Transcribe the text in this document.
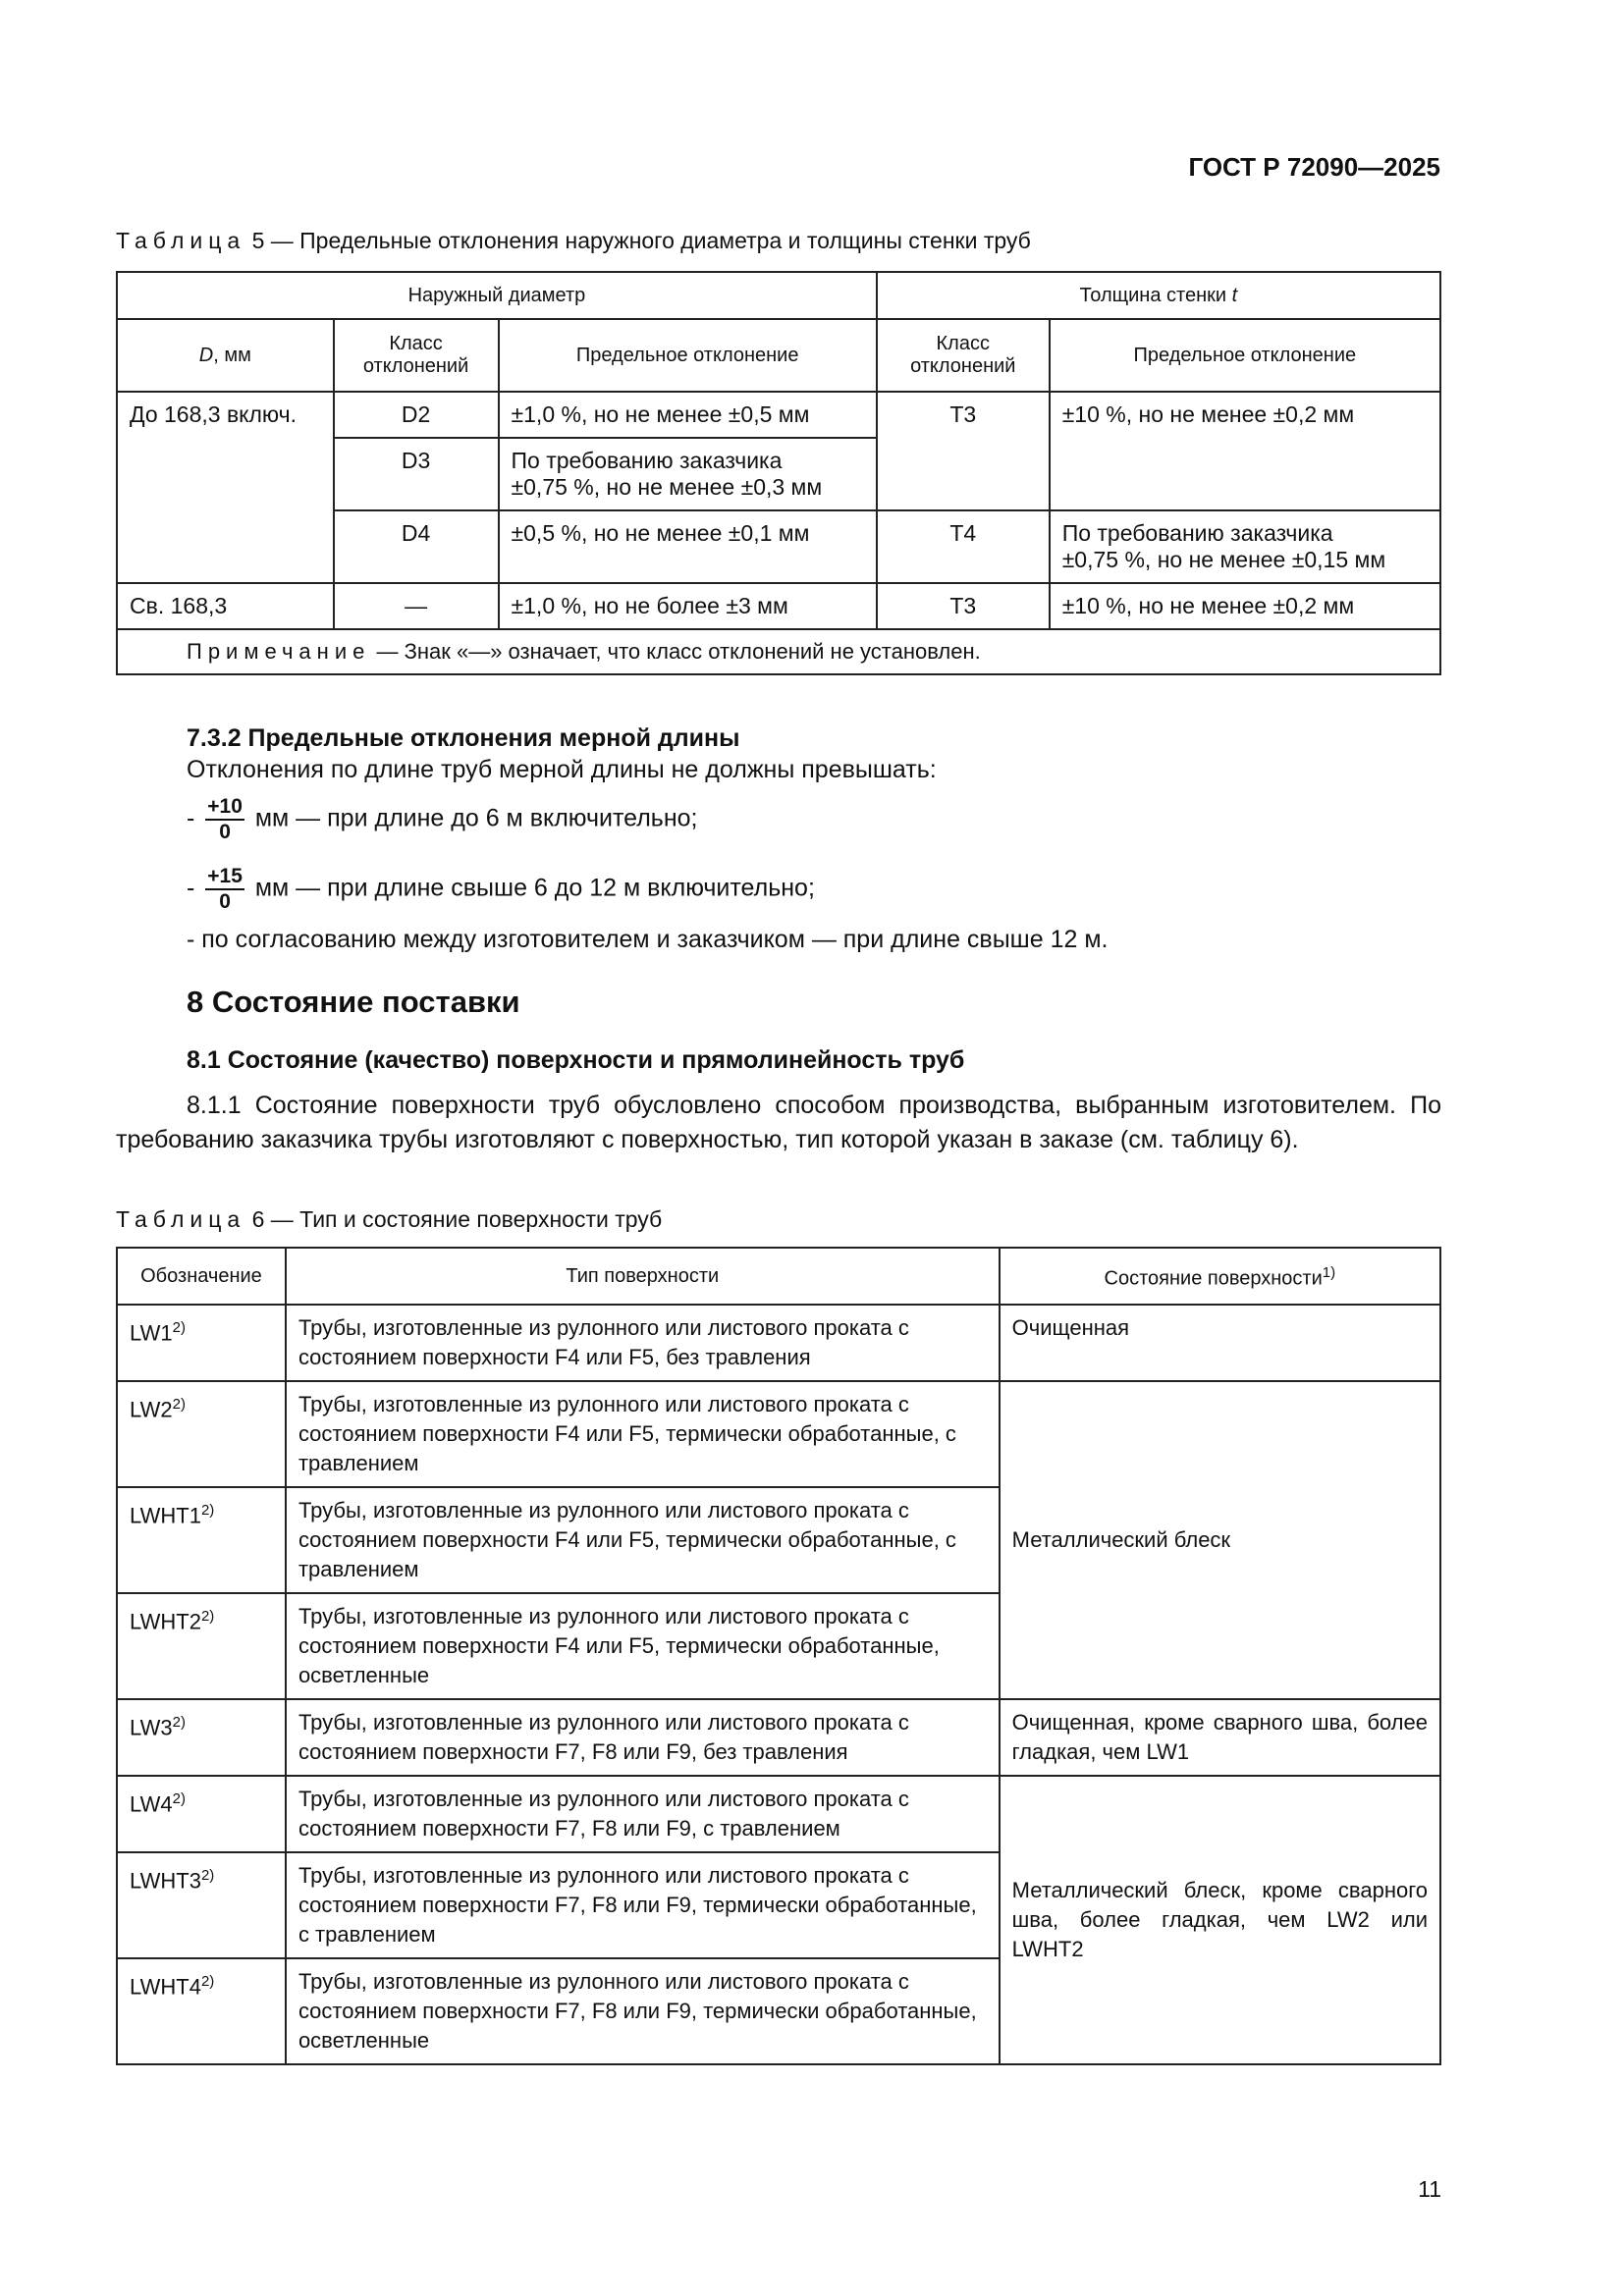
ГОСТ Р 72090—2025
Таблица 5 — Предельные отклонения наружного диаметра и толщины стенки труб
Наружный диаметр			Толщина стенки t	
D, мм	Класс отклонений	Предельное отклонение	Класс отклонений	Предельное отклонение
До 168,3 включ.	D2	±1,0 %, но не менее ±0,5 мм	Т3	±10 %, но не менее ±0,2 мм
	D3	По требованию заказчика
±0,75 %, но не менее ±0,3 мм		
	D4	±0,5 %, но не менее ±0,1 мм	Т4	По требованию заказчика
±0,75 %, но не менее ±0,15 мм
Св. 168,3	—	±1,0 %, но не более ±3 мм	Т3	±10 %, но не менее ±0,2 мм
Примечание — Знак «—» означает, что класс отклонений не установлен.				
7.3.2 Предельные отклонения мерной длины

Отклонения по длине труб мерной длины не должны превышать:

- $\frac{+10}{0}$ мм — при длине до 6 м включительно;
- $\frac{+15}{0}$ мм — при длине свыше 6 до 12 м включительно;

- по согласованию между изготовителем и заказчиком — при длине свыше 12 м.

8 Состояние поставки
8.1 Состояние (качество) поверхности и прямолинейность труб

8.1.1 Состояние поверхности труб обусловлено способом производства, выбранным изготовителем. По требованию заказчика трубы изготовляют с поверхностью, тип которой указан в заказе (см. таблицу 6).

Таблица 6 — Тип и состояние поверхности труб
Обозначение	Тип поверхности	Состояние поверхности$^{1)}$
LW1$^{2)}$	Трубы, изготовленные из рулонного или листового проката с состоянием поверхности F4 или F5, без травления	Очищенная
LW2$^{2)}$	Трубы, изготовленные из рулонного или листового проката с состоянием поверхности F4 или F5, термически обработанные, с травлением	Металлический блеск
LWHT1$^{2)}$	Трубы, изготовленные из рулонного или листового проката с состоянием поверхности F4 или F5, термически обработанные, с травлением	
LWHT2$^{2)}$	Трубы, изготовленные из рулонного или листового проката с состоянием поверхности F4 или F5, термически обработанные, осветленные	
LW3$^{2)}$	Трубы, изготовленные из рулонного или листового проката с состоянием поверхности F7, F8 или F9, без травления	Очищенная, кроме сварного шва, более гладкая, чем LW1
LW4$^{2)}$	Трубы, изготовленные из рулонного или листового проката с состоянием поверхности F7, F8 или F9, с травлением	Металлический блеск, кроме сварного шва, более гладкая, чем LW2 или LWHT2
LWHT3$^{2)}$	Трубы, изготовленные из рулонного или листового проката с состоянием поверхности F7, F8 или F9, термически обработанные, с травлением	
LWHT4$^{2)}$	Трубы, изготовленные из рулонного или листового проката с состоянием поверхности F7, F8 или F9, термически обработанные, осветленные	
11
